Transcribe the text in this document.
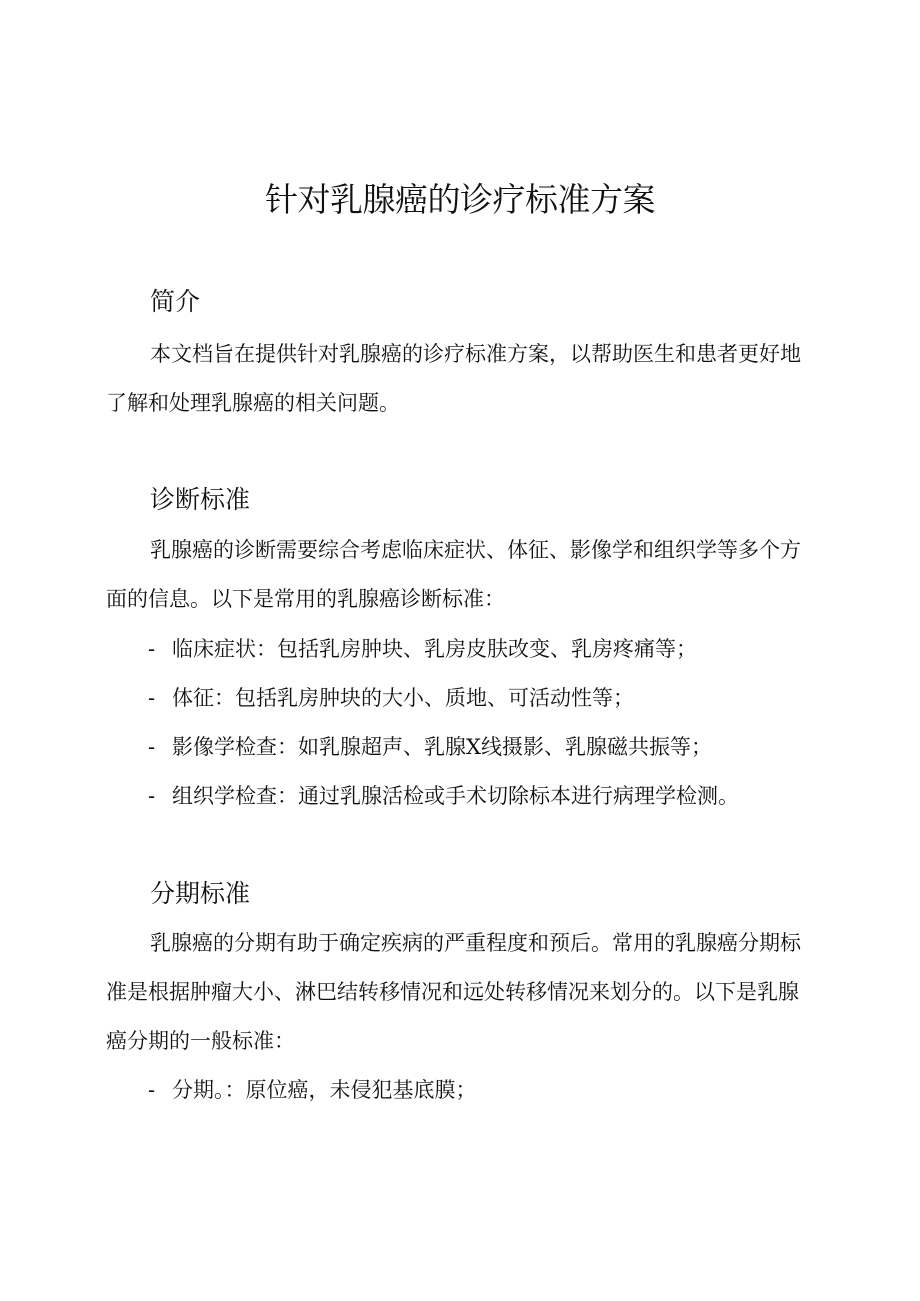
针对乳腺癌的诊疗标准方案
简介

本文档旨在提供针对乳腺癌的诊疗标准方案，以帮助医生和患者更好地了解和处理乳腺癌的相关问题。

诊断标准

乳腺癌的诊断需要综合考虑临床症状、体征、影像学和组织学等多个方面的信息。以下是常用的乳腺癌诊断标准：

- 临床症状：包括乳房肿块、乳房皮肤改变、乳房疼痛等；
- 体征：包括乳房肿块的大小、质地、可活动性等；
- 影像学检查：如乳腺超声、乳腺X线摄影、乳腺磁共振等；
- 组织学检查：通过乳腺活检或手术切除标本进行病理学检测。
分期标准

乳腺癌的分期有助于确定疾病的严重程度和预后。常用的乳腺癌分期标准是根据肿瘤大小、淋巴结转移情况和远处转移情况来划分的。以下是乳腺癌分期的一般标准：

- 分期。：原位癌，未侵犯基底膜；
